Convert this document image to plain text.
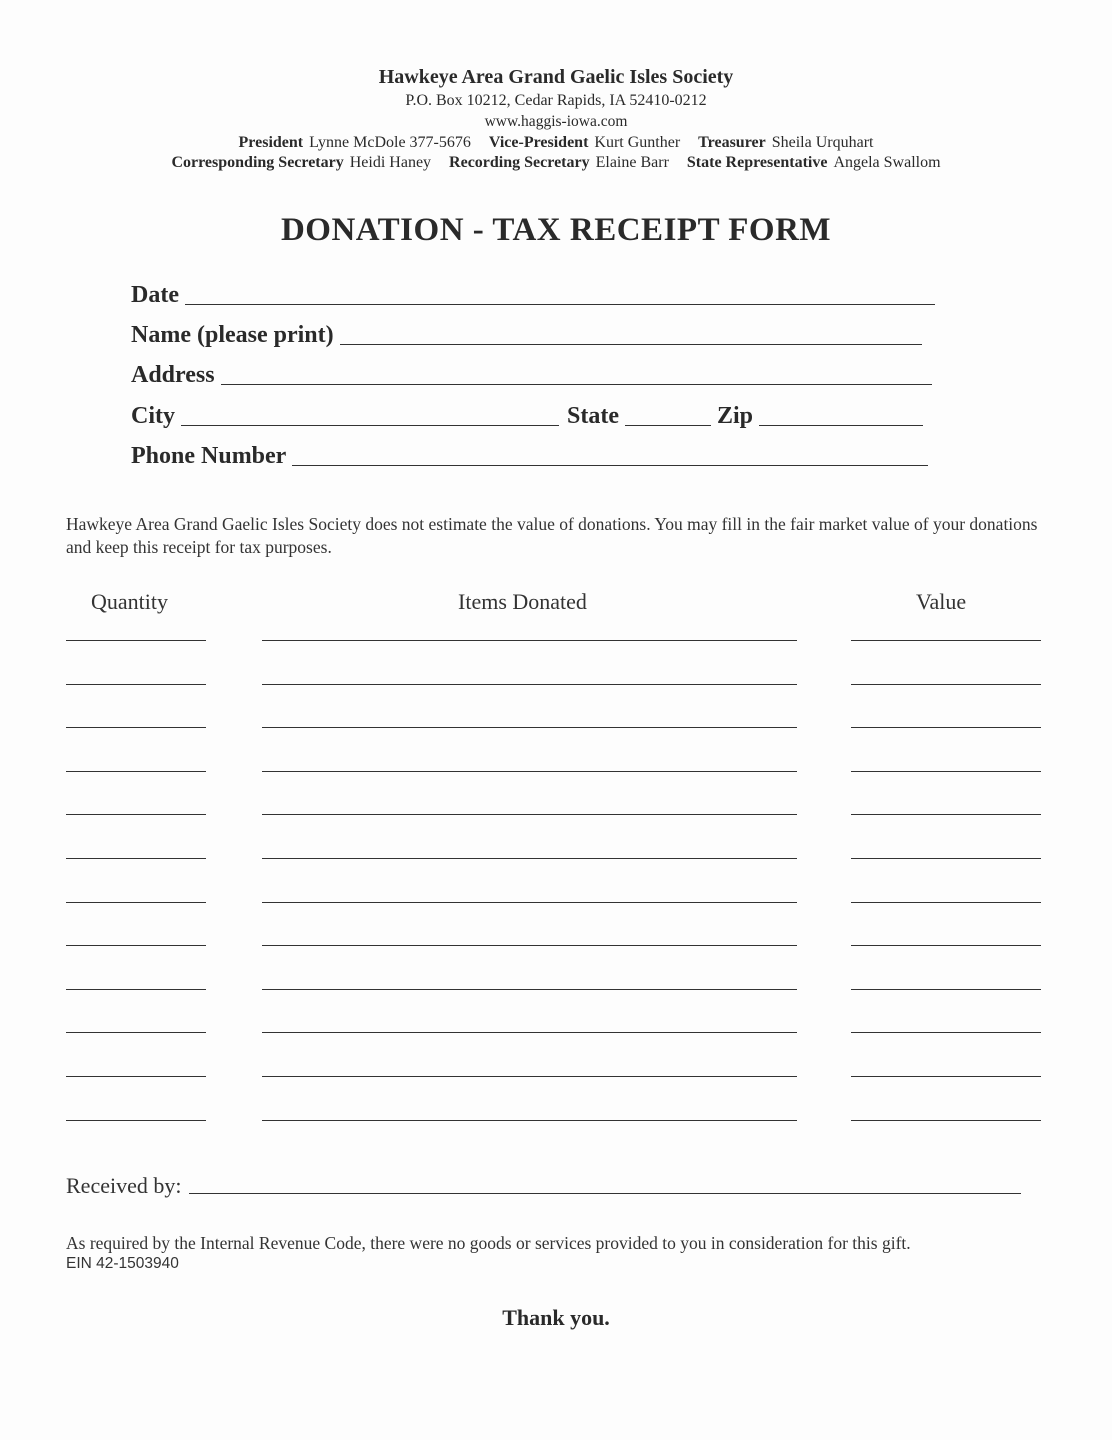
Hawkeye Area Grand Gaelic Isles Society
P.O. Box 10212, Cedar Rapids, IA 52410-0212
www.haggis-iowa.com
President Lynne McDole 377-5676 Vice-President Kurt Gunther Treasurer Sheila Urquhart
Corresponding Secretary Heidi Haney Recording Secretary Elaine Barr State Representative Angela Swallom
DONATION - TAX RECEIPT FORM
Date
Name (please print)
Address
City	State	Zip
Phone Number
Hawkeye Area Grand Gaelic Isles Society does not estimate the value of donations. You may fill in the fair market value of your donations and keep this receipt for tax purposes.
Quantity	Items Donated	Value
Received by:
As required by the Internal Revenue Code, there were no goods or services provided to you in consideration for this gift.
EIN 42-1503940
Thank you.
